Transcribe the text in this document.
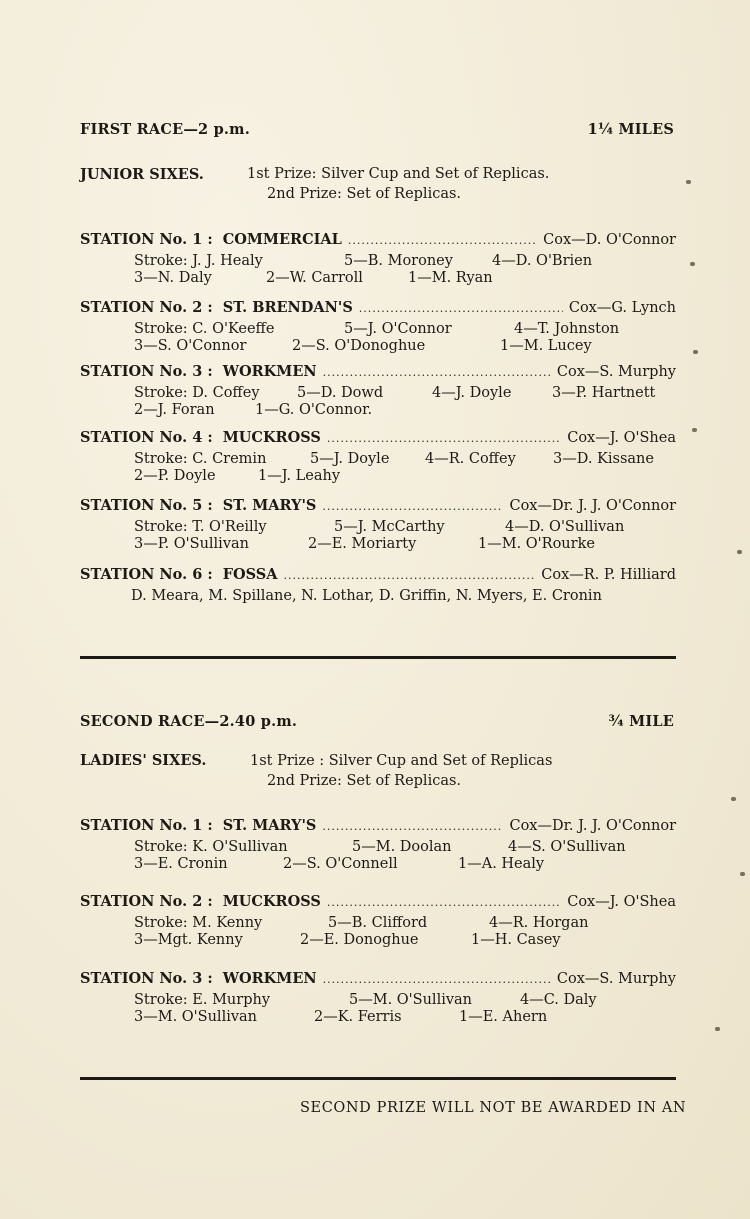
FIRST RACE—2 p.m.	1¼ MILES
JUNIOR SIXES.	1st Prize: Silver Cup and Set of Replicas.
2nd Prize: Set of Replicas.
STATION No. 1 : COMMERCIAL .....	Cox—D. O'Connor
Stroke: J. J. Healy	5—B. Moroney	4—D. O'Brien
3—N. Daly	2—W. Carroll	1—M. Ryan
STATION No. 2 : ST. BRENDAN'S .....	Cox—G. Lynch
Stroke: C. O'Keeffe	5—J. O'Connor	4—T. Johnston
3—S. O'Connor	2—S. O'Donoghue	1—M. Lucey
STATION No. 3 : WORKMEN .....	Cox—S. Murphy
Stroke: D. Coffey	5—D. Dowd	4—J. Doyle	3—P. Hartnett
2—J. Foran	1—G. O'Connor.
STATION No. 4 : MUCKROSS .....	Cox—J. O'Shea
Stroke: C. Cremin	5—J. Doyle 4—R. Coffey	3—D. Kissane
2—P. Doyle	1—J. Leahy
STATION No. 5 : ST. MARY'S .....	Cox—Dr. J. J. O'Connor
Stroke: T. O'Reilly	5—J. McCarthy	4—D. O'Sullivan
3—P. O'Sullivan	2—E. Moriarty	1—M. O'Rourke
STATION No. 6 : FOSSA .....	Cox—R. P. Hilliard
D. Meara, M. Spillane, N. Lothar, D. Griffin, N. Myers, E. Cronin
SECOND RACE—2.40 p.m.	¾ MILE
LADIES' SIXES.	1st Prize : Silver Cup and Set of Replicas
2nd Prize: Set of Replicas.
STATION No. 1 : ST. MARY'S .....	Cox—Dr. J. J. O'Connor
Stroke: K. O'Sullivan	5—M. Doolan	4—S. O'Sullivan
3—E. Cronin	2—S. O'Connell	1—A. Healy
STATION No. 2 : MUCKROSS .....	Cox—J. O'Shea
Stroke: M. Kenny	5—B. Clifford	4—R. Horgan
3—Mgt. Kenny	2—E. Donoghue	1—H. Casey
STATION No. 3 : WORKMEN .....	Cox—S. Murphy
Stroke: E. Murphy	5—M. O'Sullivan	4—C. Daly
3—M. O'Sullivan	2—K. Ferris	1—E. Ahern
SECOND PRIZE WILL NOT BE AWARDED IN AN
